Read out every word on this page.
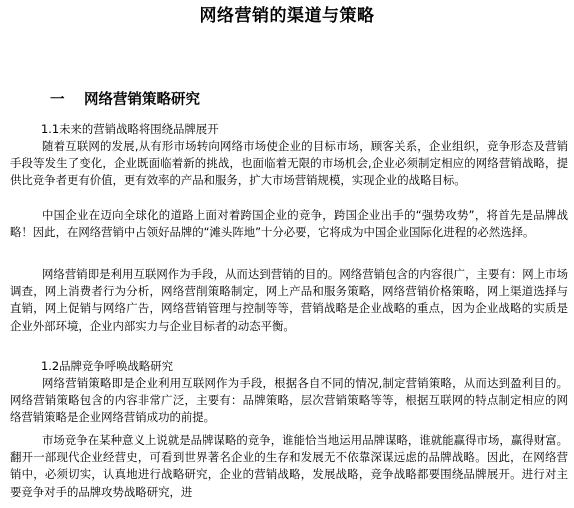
网络营销的渠道与策略
一 网络营销策略研究
1.1未来的营销战略将围绕品牌展开

随着互联网的发展,从有形市场转向网络市场使企业的目标市场，顾客关系，企业组织，竞争形态及营销手段等发生了变化，企业既面临着新的挑战，也面临着无限的市场机会,企业必须制定相应的网络营销战略，提供比竞争者更有价值，更有效率的产品和服务，扩大市场营销规模，实现企业的战略目标。

中国企业在迈向全球化的道路上面对着跨国企业的竞争，跨国企业出手的“强势攻势”，将首先是品牌战略！因此，在网络营销中占领好品牌的“滩头阵地”十分必要，它将成为中国企业国际化进程的必然选择。

网络营销即是利用互联网作为手段，从而达到营销的目的。网络营销包含的内容很广，主要有：网上市场调查，网上消费者行为分析，网络营削策略制定，网上产品和服务策略，网络营销价格策略，网上渠道选择与直销，网上促销与网络广告，网络营销管理与控制等等，营销战略是企业战略的重点，因为企业战略的实质是企业外部环境，企业内部实力与企业目标者的动态平衡。

1.2品牌竞争呼唤战略研究

网络营销策略即是企业利用互联网作为手段，根据各自不同的情况,制定营销策略，从而达到盈利目的。网络营销策略包含的内容非常广泛，主要有：品牌策略，层次营销策略等等，根据互联网的特点制定相应的网络营销策略是企业网络营销成功的前提。

市场竞争在某种意义上说就是品牌谋略的竞争，谁能恰当地运用品牌谋略，谁就能赢得市场，赢得财富。翻开一部现代企业经营史，可看到世界著名企业的生存和发展无不依靠深谋远虑的品牌战略。因此，在网络营销中，必须切实，认真地进行战略研究，企业的营销战略，发展战略，竞争战略都要围绕品牌展开。进行对主要竞争对手的品牌攻势战略研究，进
